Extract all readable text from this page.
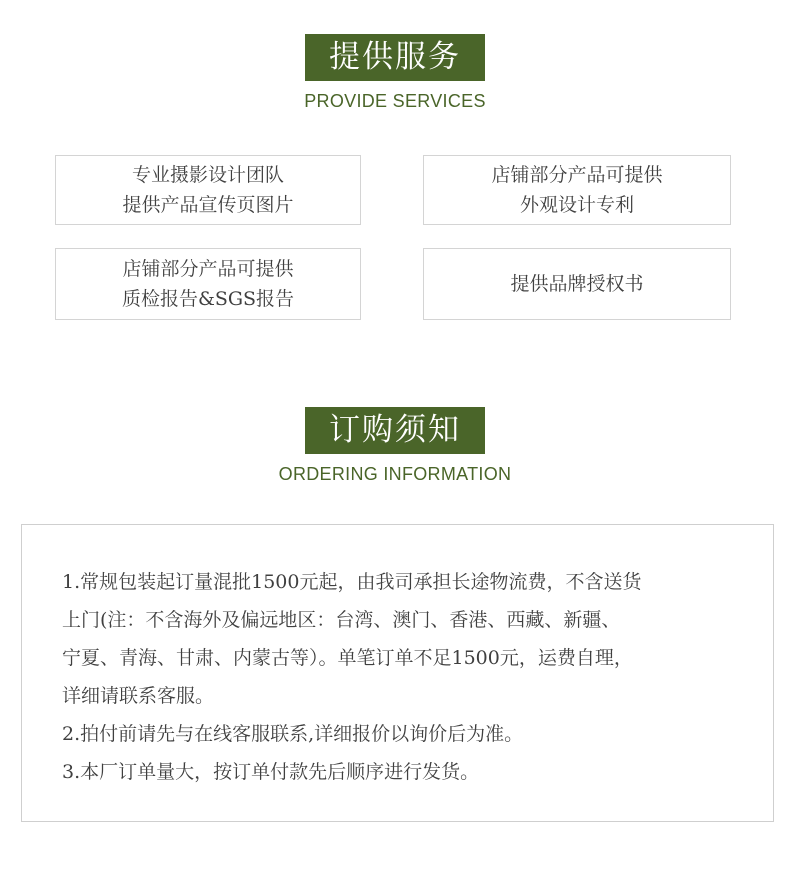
提供服务
PROVIDE SERVICES
专业摄影设计团队
提供产品宣传页图片
店铺部分产品可提供
外观设计专利
店铺部分产品可提供
质检报告&SGS报告
提供品牌授权书
订购须知
ORDERING INFORMATION

1.常规包装起订量混批1500元起，由我司承担长途物流费，不含送货

上门(注：不含海外及偏远地区：台湾、澳门、香港、西藏、新疆、

宁夏、青海、甘肃、内蒙古等）。单笔订单不足1500元，运费自理，

详细请联系客服。

2.拍付前请先与在线客服联系,详细报价以询价后为准。

3.本厂订单量大，按订单付款先后顺序进行发货。
